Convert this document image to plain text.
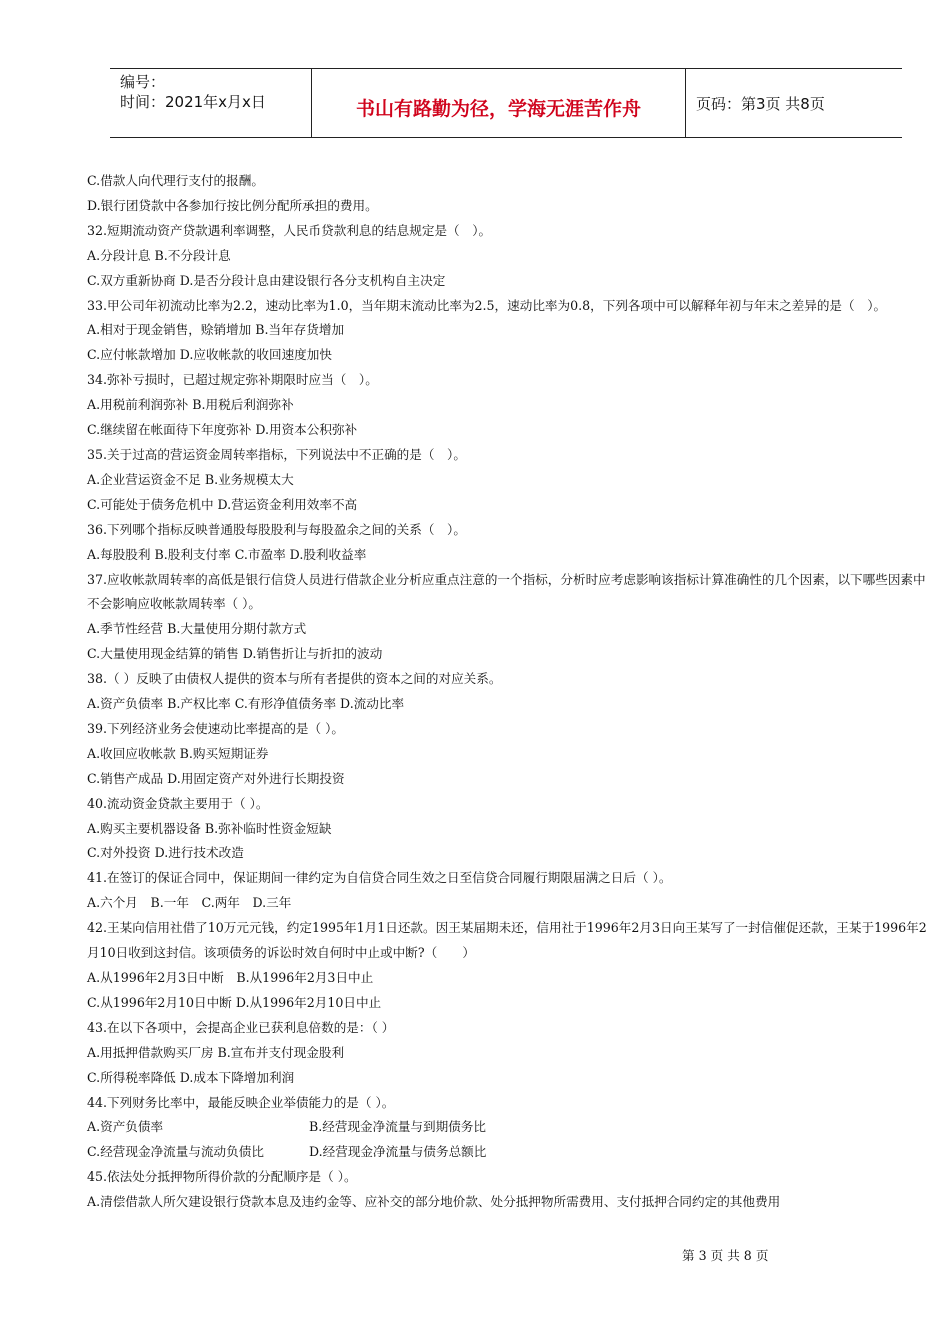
编号：
时间：2021年x月x日	书山有路勤为径，学海无涯苦作舟	页码：第3页 共8页
C.借款人向代理行支付的报酬。
D.银行团贷款中各参加行按比例分配所承担的费用。
32.短期流动资产贷款遇利率调整，人民币贷款利息的结息规定是（　）。
A.分段计息 B.不分段计息
C.双方重新协商 D.是否分段计息由建设银行各分支机构自主决定
33.甲公司年初流动比率为2.2，速动比率为1.0，当年期末流动比率为2.5，速动比率为0.8，下列各项中可以解释年初与年末之差异的是（　）。
A.相对于现金销售，赊销增加 B.当年存货增加
C.应付帐款增加 D.应收帐款的收回速度加快
34.弥补亏损时，已超过规定弥补期限时应当（　）。
A.用税前利润弥补 B.用税后利润弥补
C.继续留在帐面待下年度弥补 D.用资本公积弥补
35.关于过高的营运资金周转率指标，下列说法中不正确的是（　）。
A.企业营运资金不足 B.业务规模太大
C.可能处于债务危机中 D.营运资金利用效率不高
36.下列哪个指标反映普通股每股股利与每股盈余之间的关系（　）。
A.每股股利 B.股利支付率 C.市盈率 D.股利收益率
37.应收帐款周转率的高低是银行信贷人员进行借款企业分析应重点注意的一个指标，分析时应考虑影响该指标计算准确性的几个因素，以下哪些因素中不会影响应收帐款周转率（ ）。
A.季节性经营 B.大量使用分期付款方式
C.大量使用现金结算的销售 D.销售折让与折扣的波动
38.（ ）反映了由债权人提供的资本与所有者提供的资本之间的对应关系。
A.资产负债率 B.产权比率 C.有形净值债务率 D.流动比率
39.下列经济业务会使速动比率提高的是（ ）。
A.收回应收帐款 B.购买短期证券
C.销售产成品 D.用固定资产对外进行长期投资
40.流动资金贷款主要用于（ ）。
A.购买主要机器设备 B.弥补临时性资金短缺
C.对外投资 D.进行技术改造
41.在签订的保证合同中，保证期间一律约定为自信贷合同生效之日至信贷合同履行期限届满之日后（ ）。
A.六个月　B.一年　C.两年　D.三年
42.王某向信用社借了10万元元钱，约定1995年1月1日还款。因王某届期未还，信用社于1996年2月3日向王某写了一封信催促还款，王某于1996年2月10日收到这封信。该项债务的诉讼时效自何时中止或中断?（　　）
A.从1996年2月3日中断　B.从1996年2月3日中止
C.从1996年2月10日中断 D.从1996年2月10日中止
43.在以下各项中，会提高企业已获利息倍数的是：（ ）
A.用抵押借款购买厂房 B.宣布并支付现金股利
C.所得税率降低 D.成本下降增加利润
44.下列财务比率中，最能反映企业举债能力的是（ ）。
A.资产负债率	B.经营现金净流量与到期债务比
C.经营现金净流量与流动负债比	D.经营现金净流量与债务总额比
45.依法处分抵押物所得价款的分配顺序是（ ）。
A.清偿借款人所欠建设银行贷款本息及违约金等、应补交的部分地价款、处分抵押物所需费用、支付抵押合同约定的其他费用
第 3 页 共 8 页
